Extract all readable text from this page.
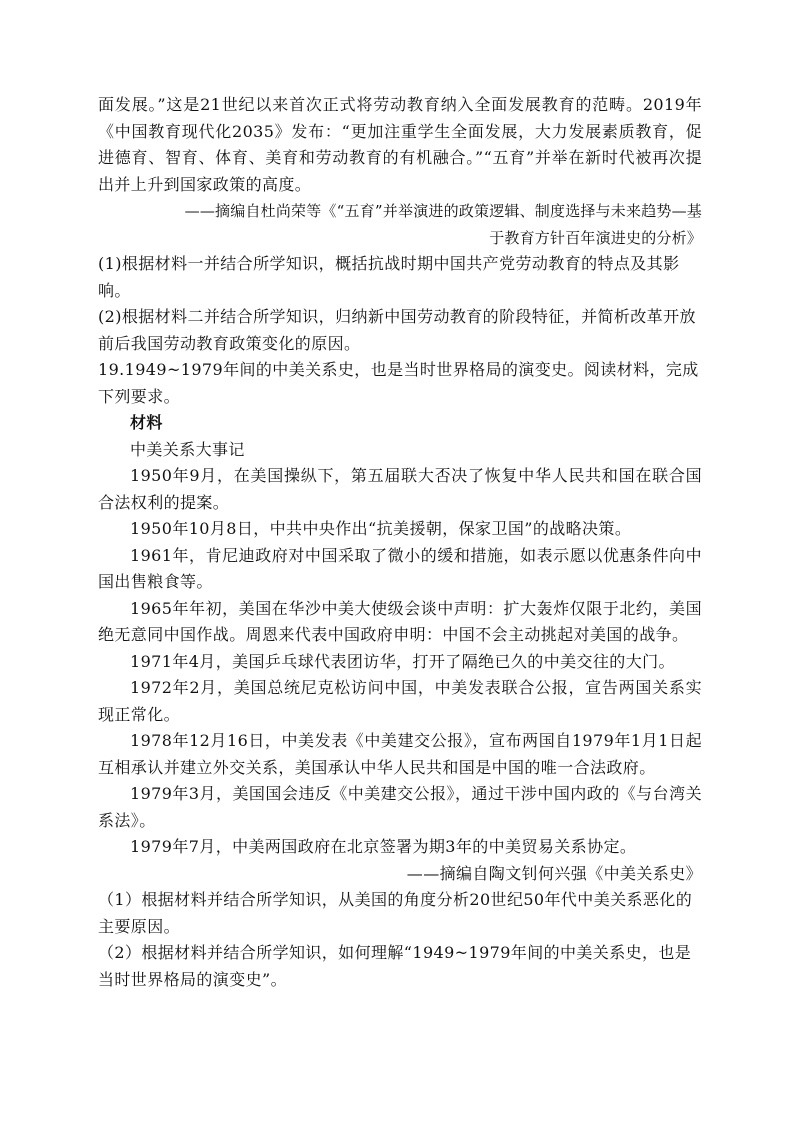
面发展。”这是21世纪以来首次正式将劳动教育纳入全面发展教育的范畴。2019年《中国教育现代化2035》发布：“更加注重学生全面发展，大力发展素质教育，促进德育、智育、体育、美育和劳动教育的有机融合。”“五育”并举在新时代被再次提出并上升到国家政策的高度。

——摘编自杜尚荣等《“五育”并举演进的政策逻辑、制度选择与未来趋势—基

于教育方针百年演进史的分析》

(1)根据材料一并结合所学知识，概括抗战时期中国共产党劳动教育的特点及其影响。

(2)根据材料二并结合所学知识，归纳新中国劳动教育的阶段特征，并简析改革开放前后我国劳动教育政策变化的原因。

19.1949~1979年间的中美关系史，也是当时世界格局的演变史。阅读材料，完成下列要求。

材料

中美关系大事记

1950年9月，在美国操纵下，第五届联大否决了恢复中华人民共和国在联合国合法权利的提案。

1950年10月8日，中共中央作出“抗美援朝，保家卫国”的战略决策。

1961年，肯尼迪政府对中国采取了微小的缓和措施，如表示愿以优惠条件向中国出售粮食等。

1965年年初，美国在华沙中美大使级会谈中声明：扩大轰炸仅限于北约，美国绝无意同中国作战。周恩来代表中国政府申明：中国不会主动挑起对美国的战争。

1971年4月，美国乒乓球代表团访华，打开了隔绝已久的中美交往的大门。

1972年2月，美国总统尼克松访问中国，中美发表联合公报，宣告两国关系实现正常化。

1978年12月16日，中美发表《中美建交公报》，宣布两国自1979年1月1日起互相承认并建立外交关系，美国承认中华人民共和国是中国的唯一合法政府。

1979年3月，美国国会违反《中美建交公报》，通过干涉中国内政的《与台湾关系法》。

1979年7月，中美两国政府在北京签署为期3年的中美贸易关系协定。

——摘编自陶文钊何兴强《中美关系史》

（1）根据材料并结合所学知识，从美国的角度分析20世纪50年代中美关系恶化的主要原因。

（2）根据材料并结合所学知识，如何理解“1949~1979年间的中美关系史，也是当时世界格局的演变史”。
